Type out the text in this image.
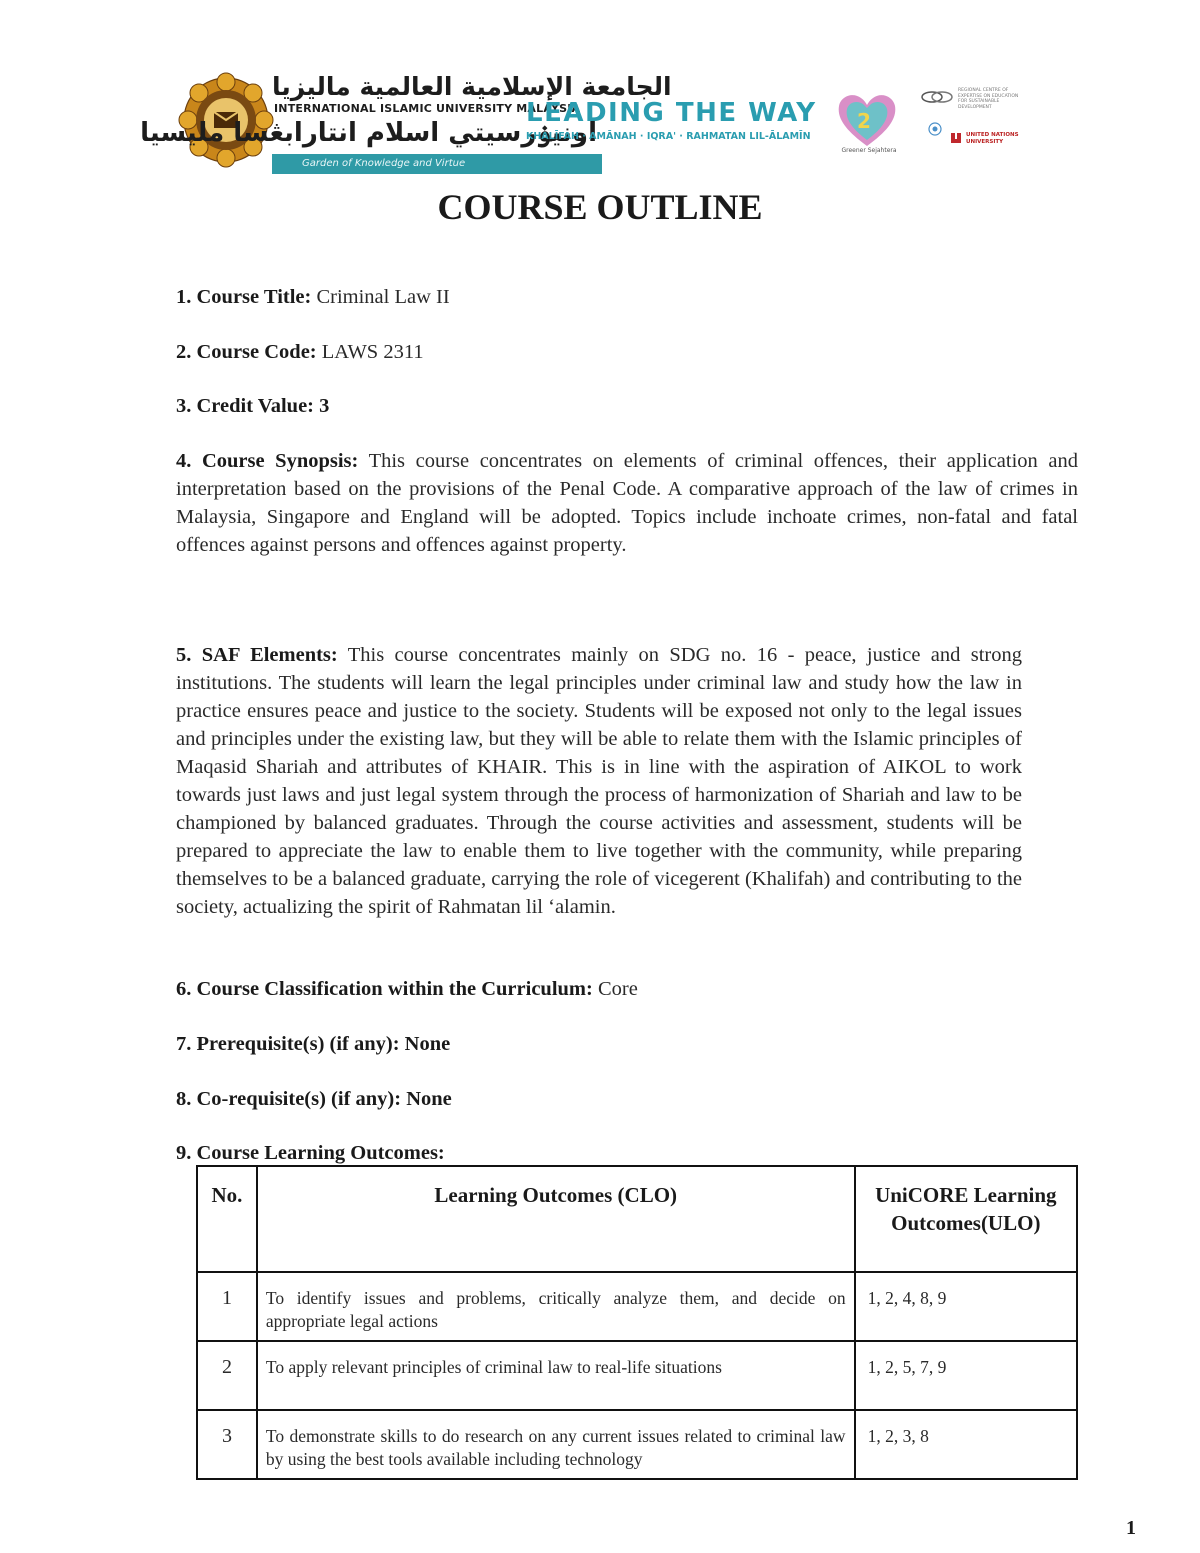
الجامعة الإسلامية العالمية ماليزيا
INTERNATIONAL ISLAMIC UNIVERSITY MALAYSIA
اونيۏرسيتي اسلام انتارابڠسا مليسيا
Garden of Knowledge and Virtue
LEADING THE WAY
KHALĪFAH · AMĀNAH · IQRA' · RAHMATAN LIL-ĀLAMĪN
2
Greener Sejahtera
REGIONAL CENTRE OF EXPERTISE ON EDUCATION FOR SUSTAINABLE DEVELOPMENT
UNITED NATIONS UNIVERSITY
COURSE OUTLINE
1. Course Title: Criminal Law II
2. Course Code: LAWS 2311
3. Credit Value: 3
4. Course Synopsis: This course concentrates on elements of criminal offences, their application and interpretation based on the provisions of the Penal Code. A comparative approach of the law of crimes in Malaysia, Singapore and England will be adopted. Topics include inchoate crimes, non-fatal and fatal offences against persons and offences against property.
5. SAF Elements: This course concentrates mainly on SDG no. 16 - peace, justice and strong institutions. The students will learn the legal principles under criminal law and study how the law in practice ensures peace and justice to the society. Students will be exposed not only to the legal issues and principles under the existing law, but they will be able to relate them with the Islamic principles of Maqasid Shariah and attributes of KHAIR. This is in line with the aspiration of AIKOL to work towards just laws and just legal system through the process of harmonization of Shariah and law to be championed by balanced graduates. Through the course activities and assessment, students will be prepared to appreciate the law to enable them to live together with the community, while preparing themselves to be a balanced graduate, carrying the role of vicegerent (Khalifah) and contributing to the society, actualizing the spirit of Rahmatan lil ‘alamin.
6. Course Classification within the Curriculum: Core
7. Prerequisite(s) (if any): None
8. Co-requisite(s) (if any): None
9. Course Learning Outcomes:
No.	Learning Outcomes (CLO)	UniCORE Learning Outcomes(ULO)
1	To identify issues and problems, critically analyze them, and decide on appropriate legal actions	1, 2, 4, 8, 9
2	To apply relevant principles of criminal law to real-life situations	1, 2, 5, 7, 9
3	To demonstrate skills to do research on any current issues related to criminal law by using the best tools available including technology	1, 2, 3, 8
1
